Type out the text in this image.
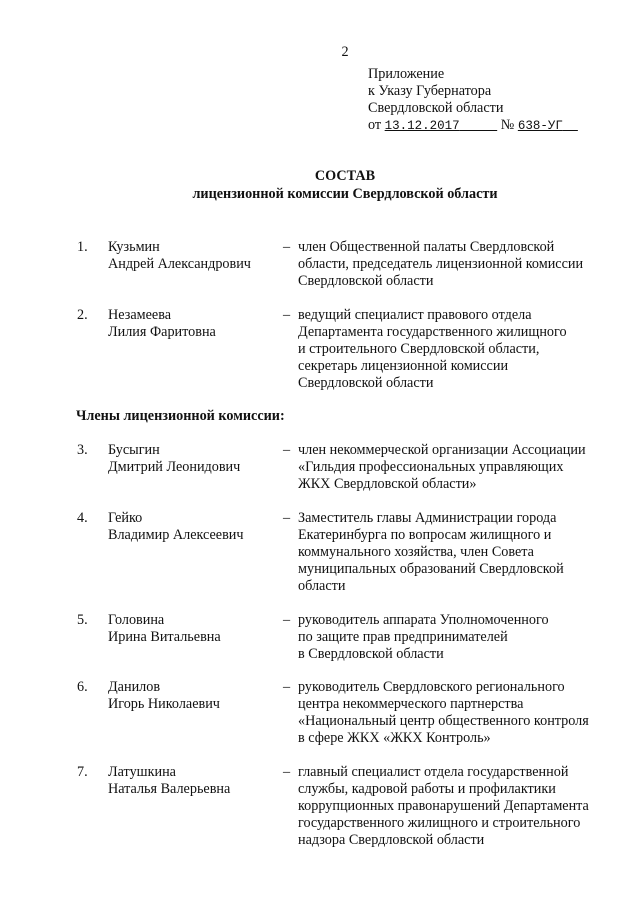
2
Приложение
к Указу Губернатора
Свердловской области
от 13.12.2017	№ 638-УГ
СОСТАВ
лицензионной комиссии Свердловской области
1. Кузьмин
Андрей Александрович
– член Общественной палаты Свердловской
области, председатель лицензионной комиссии
Свердловской области
2. Незамеева
Лилия Фаритовна
– ведущий специалист правового отдела
Департамента государственного жилищного
и строительного Свердловской области,
секретарь лицензионной комиссии
Свердловской области
Члены лицензионной комиссии:
3. Бусыгин
Дмитрий Леонидович
– член некоммерческой организации Ассоциации
«Гильдия профессиональных управляющих
ЖКХ Свердловской области»
4. Гейко
Владимир Алексеевич
– Заместитель главы Администрации города
Екатеринбурга по вопросам жилищного и
коммунального хозяйства, член Совета
муниципальных образований Свердловской
области
5. Головина
Ирина Витальевна
– руководитель аппарата Уполномоченного
по защите прав предпринимателей
в Свердловской области
6. Данилов
Игорь Николаевич
– руководитель Свердловского регионального
центра некоммерческого партнерства
«Национальный центр общественного контроля
в сфере ЖКХ «ЖКХ Контроль»
7. Латушкина
Наталья Валерьевна
– главный специалист отдела государственной
службы, кадровой работы и профилактики
коррупционных правонарушений Департамента
государственного жилищного и строительного
надзора Свердловской области
